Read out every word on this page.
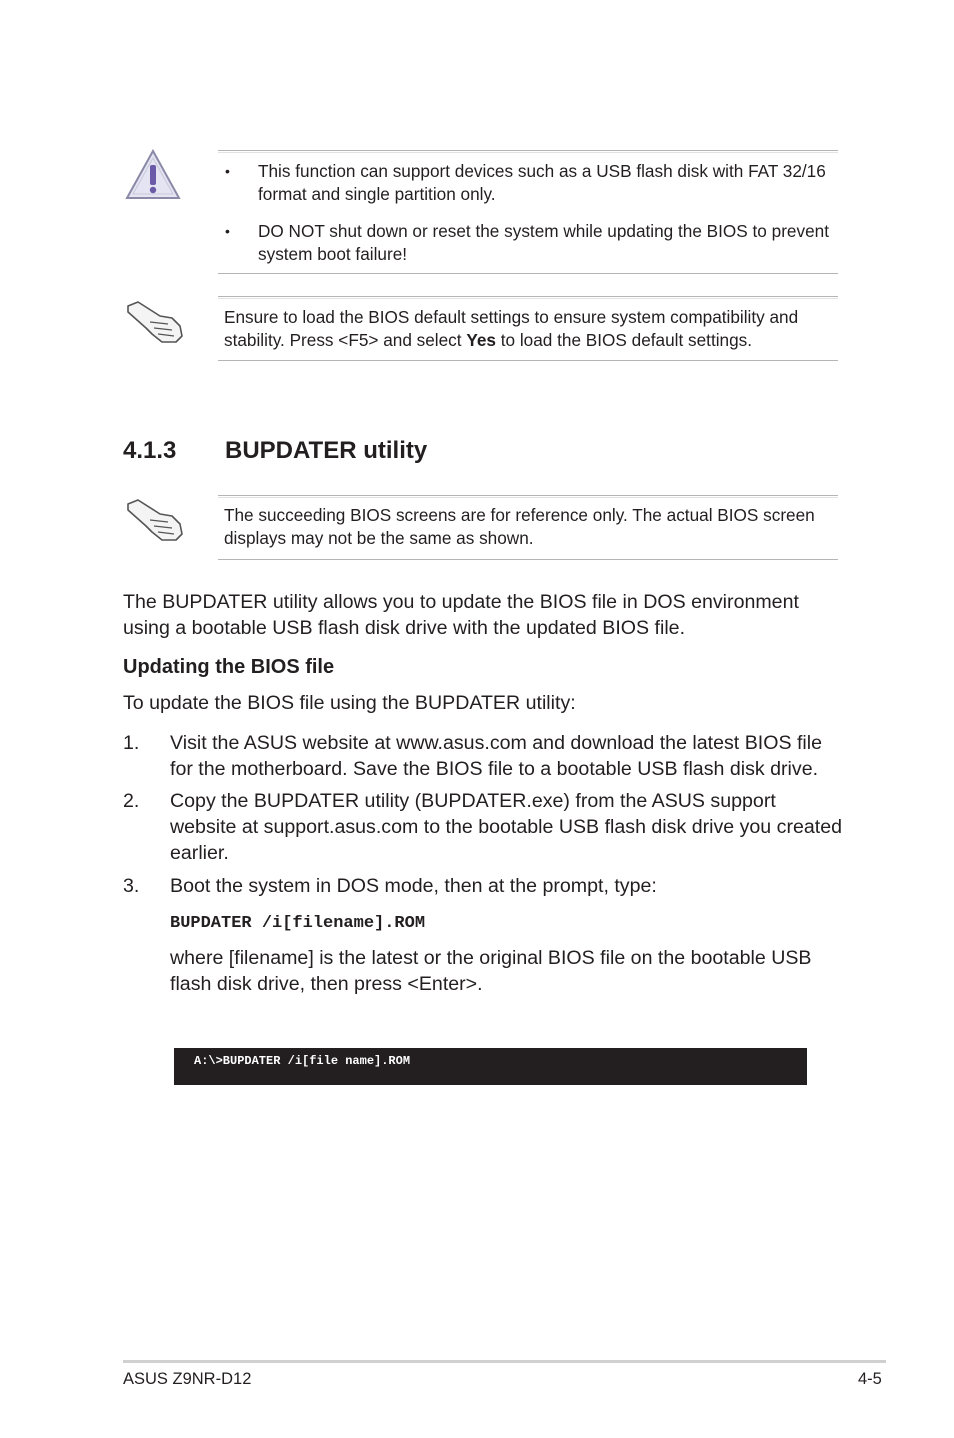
• This function can support devices such as a USB flash disk with FAT 32/16 format and single partition only.
• DO NOT shut down or reset the system while updating the BIOS to prevent system boot failure!
Ensure to load the BIOS default settings to ensure system compatibility and stability. Press <F5> and select Yes to load the BIOS default settings.
4.1.3 BUPDATER utility
The succeeding BIOS screens are for reference only. The actual BIOS screen displays may not be the same as shown.
The BUPDATER utility allows you to update the BIOS file in DOS environment using a bootable USB flash disk drive with the updated BIOS file.
Updating the BIOS file
To update the BIOS file using the BUPDATER utility:
1. Visit the ASUS website at www.asus.com and download the latest BIOS file for the motherboard. Save the BIOS file to a bootable USB flash disk drive.
2. Copy the BUPDATER utility (BUPDATER.exe) from the ASUS support website at support.asus.com to the bootable USB flash disk drive you created earlier.
3. Boot the system in DOS mode, then at the prompt, type:
BUPDATER /i[filename].ROM
where [filename] is the latest or the original BIOS file on the bootable USB flash disk drive, then press <Enter>.
A:\>BUPDATER /i[file name].ROM
ASUS Z9NR-D12	4-5
